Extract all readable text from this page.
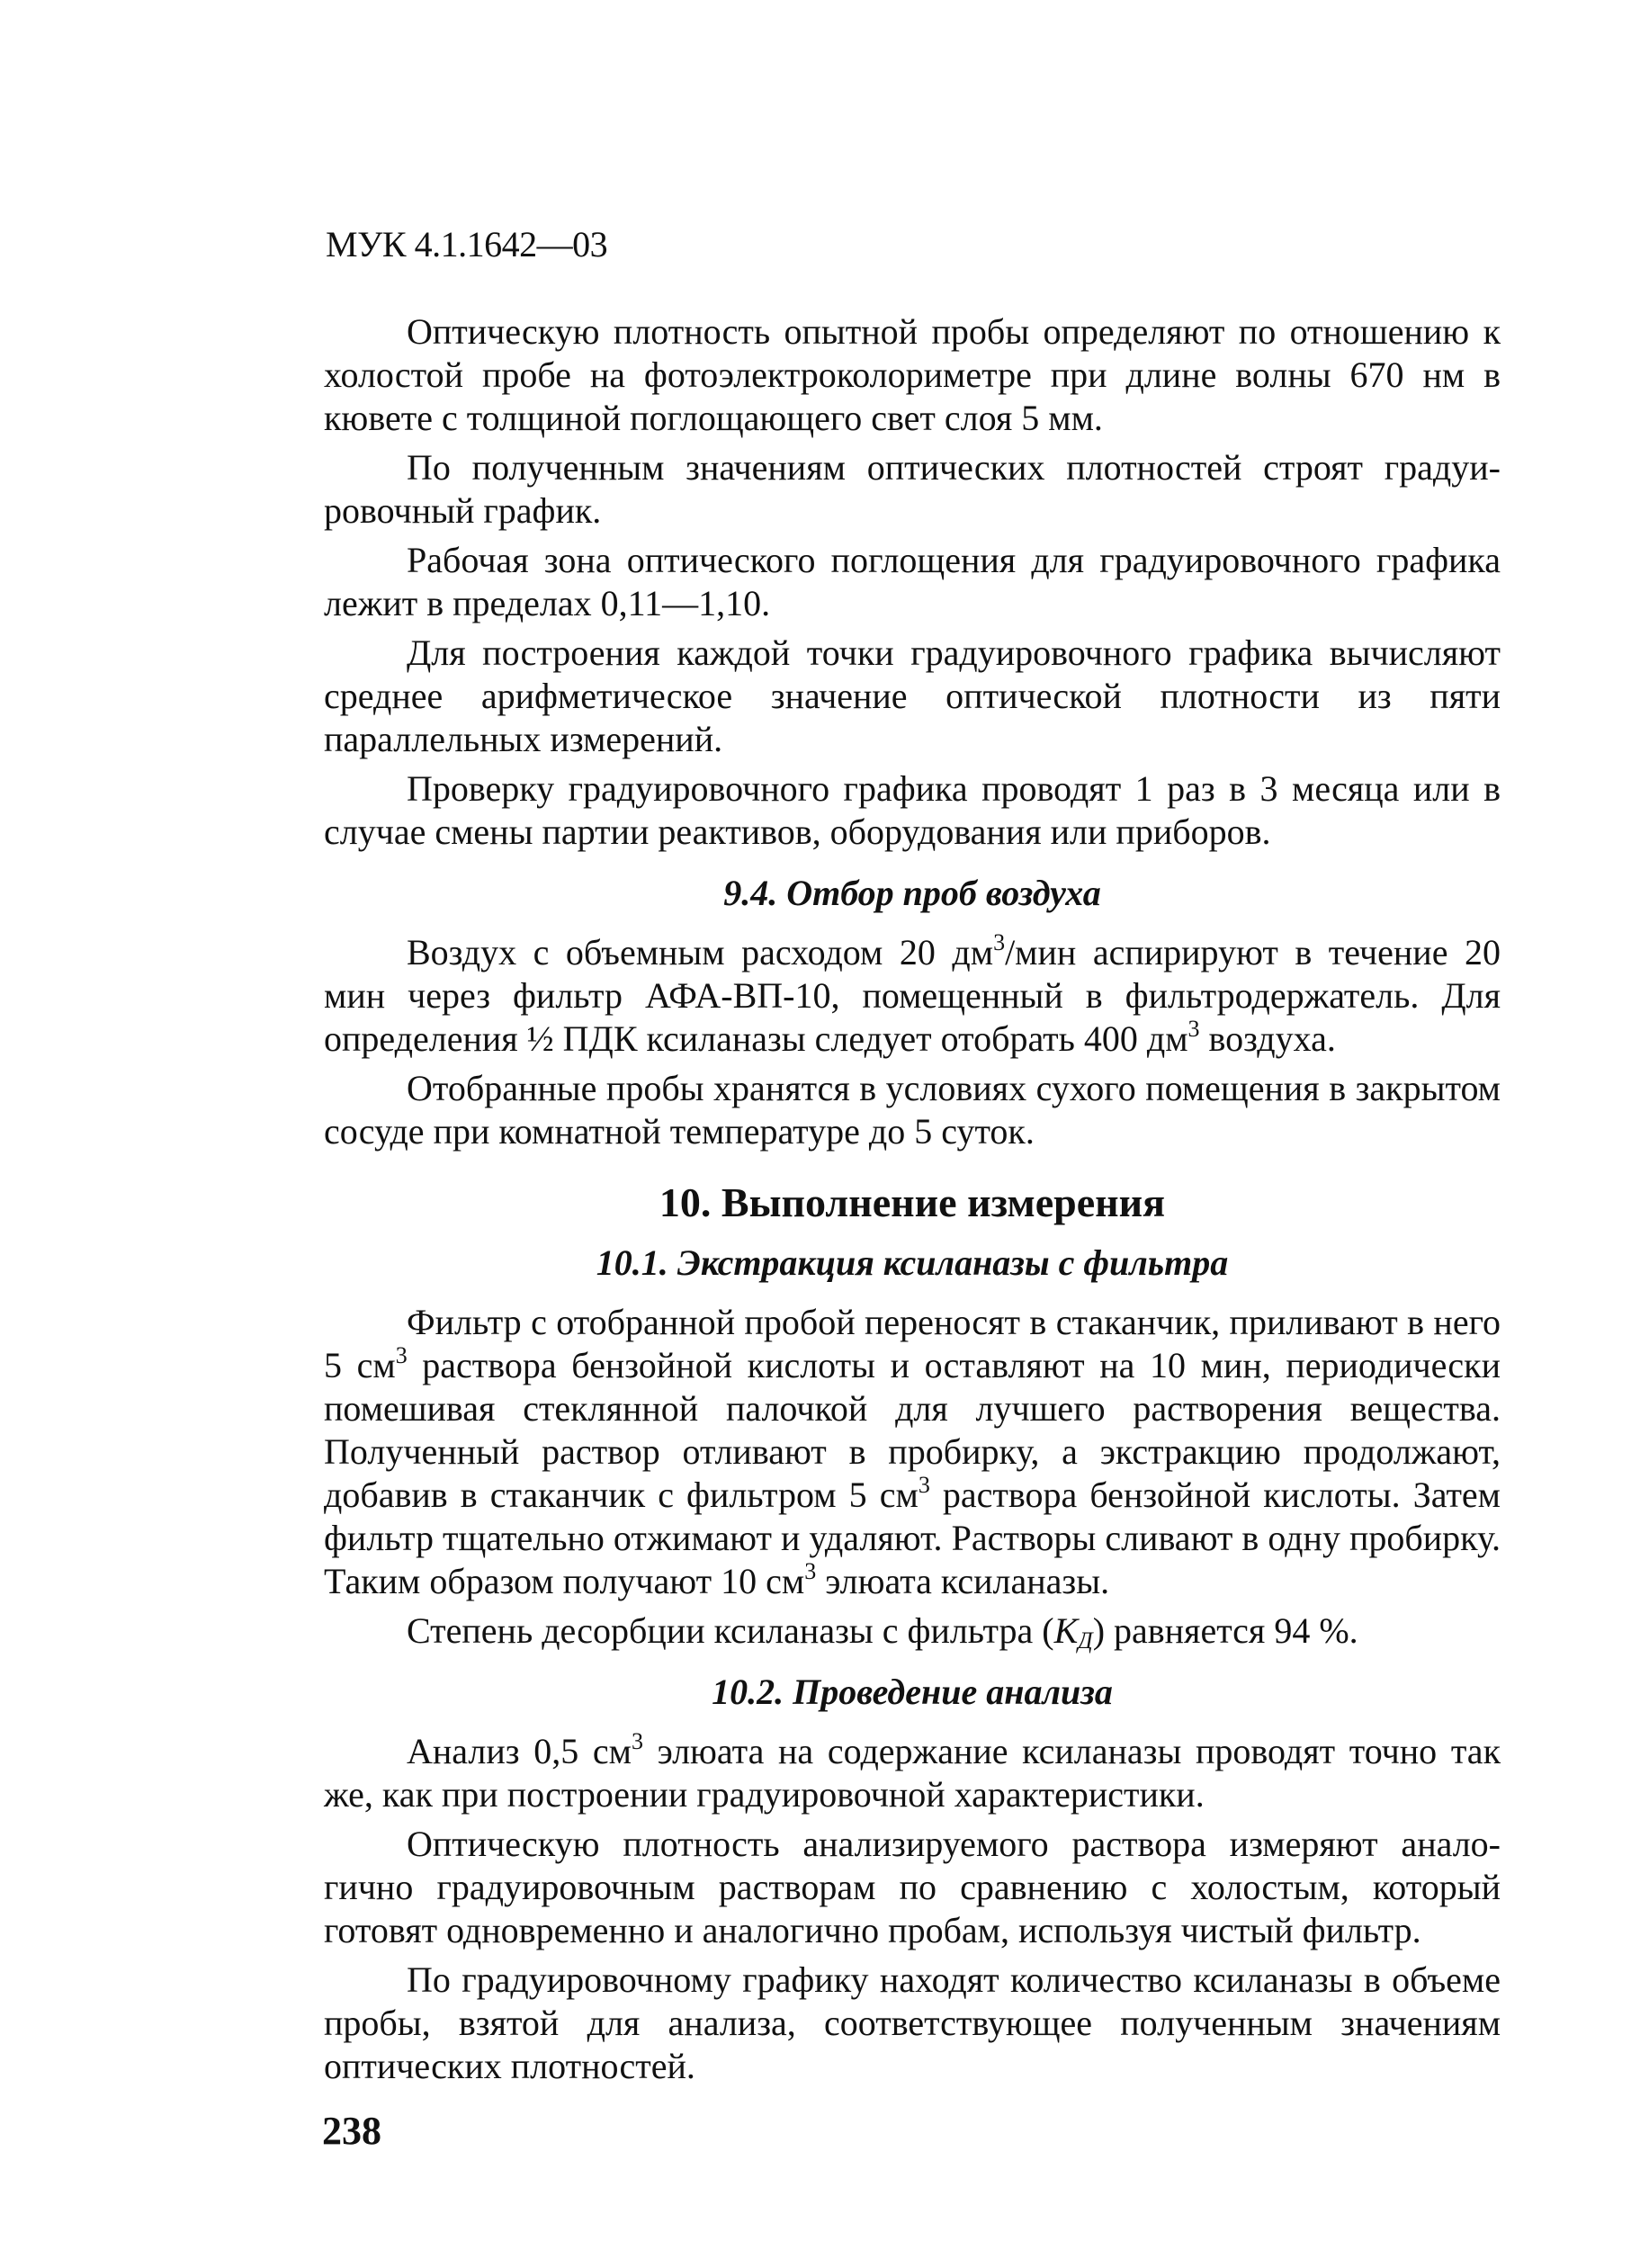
МУК 4.1.1642—03

Оптическую плотность опытной пробы определяют по отношению к холостой пробе на фотоэлектроколориметре при длине волны 670 нм в кювете с толщиной поглощающего свет слоя 5 мм.

По полученным значениям оптических плотностей строят градуировочный график.

Рабочая зона оптического поглощения для градуировочного графика лежит в пределах 0,11—1,10.

Для построения каждой точки градуировочного графика вычисляют среднее арифметическое значение оптической плотности из пяти параллельных измерений.

Проверку градуировочного графика проводят 1 раз в 3 месяца или в случае смены партии реактивов, оборудования или приборов.

9.4. Отбор проб воздуха

Воздух с объемным расходом 20 $дм^3$/мин аспирируют в течение 20 мин через фильтр АФА-ВП-10, помещенный в фильтродержатель. Для определения ½ ПДК ксиланазы следует отобрать 400 $дм^3$ воздуха.

Отобранные пробы хранятся в условиях сухого помещения в закрытом сосуде при комнатной температуре до 5 суток.

10. Выполнение измерения
10.1. Экстракция ксиланазы с фильтра

Фильтр с отобранной пробой переносят в стаканчик, приливают в него 5 $см^3$ раствора бензойной кислоты и оставляют на 10 мин, периодически помешивая стеклянной палочкой для лучшего растворения вещества. Полученный раствор отливают в пробирку, а экстракцию продолжают, добавив в стаканчик с фильтром 5 $см^3$ раствора бензойной кислоты. Затем фильтр тщательно отжимают и удаляют. Растворы сливают в одну пробирку. Таким образом получают 10 $см^3$ элюата ксиланазы.

Степень десорбции ксиланазы с фильтра $(К_Д)$ равняется 94 %.

10.2. Проведение анализа

Анализ 0,5 $см^3$ элюата на содержание ксиланазы проводят точно так же, как при построении градуировочной характеристики.

Оптическую плотность анализируемого раствора измеряют аналогично градуировочным растворам по сравнению с холостым, который готовят одновременно и аналогично пробам, используя чистый фильтр.

По градуировочному графику находят количество ксиланазы в объеме пробы, взятой для анализа, соответствующее полученным значениям оптических плотностей.

238
